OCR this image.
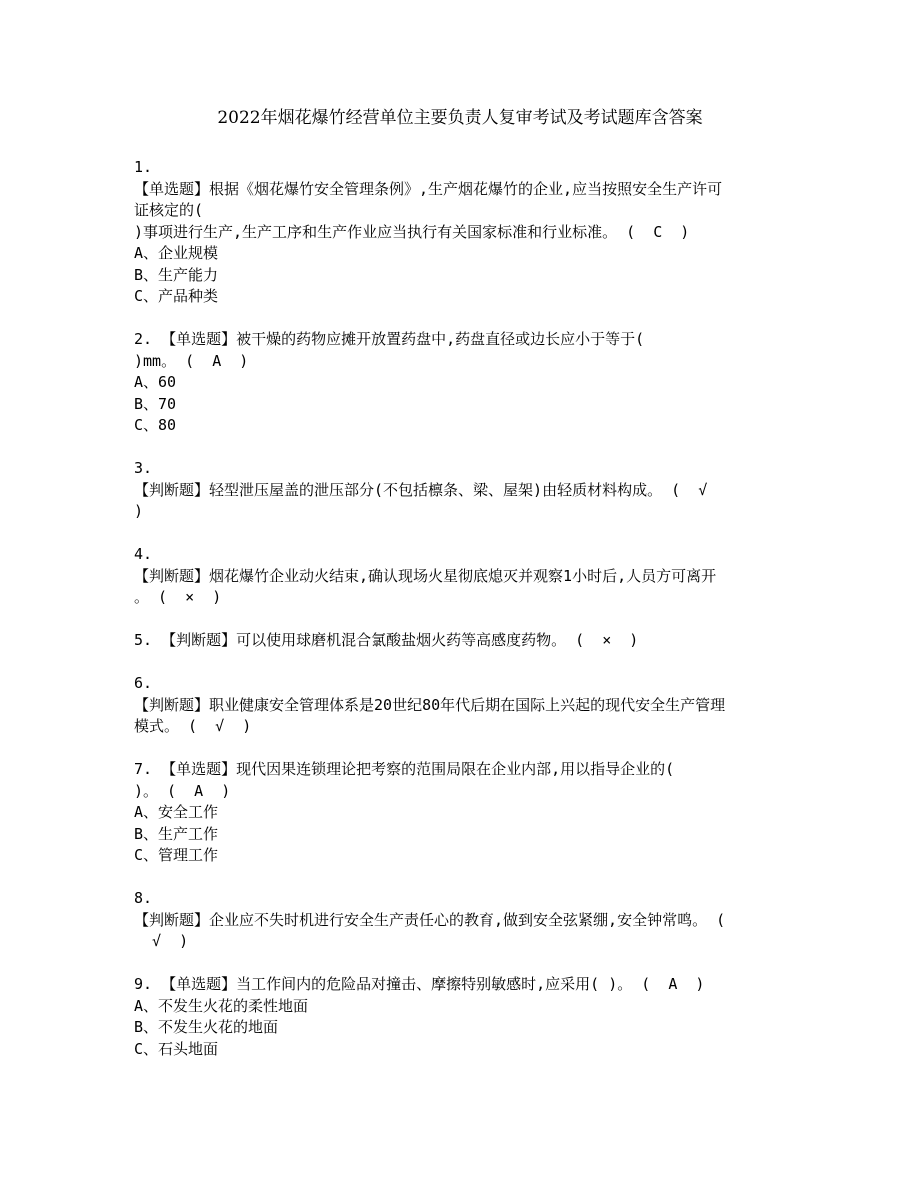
2022年烟花爆竹经营单位主要负责人复审考试及考试题库含答案
1.
【单选题】根据《烟花爆竹安全管理条例》,生产烟花爆竹的企业,应当按照安全生产许可
证核定的(
)事项进行生产,生产工序和生产作业应当执行有关国家标准和行业标准。 (  C  )
A、企业规模
B、生产能力
C、产品种类
2. 【单选题】被干燥的药物应摊开放置药盘中,药盘直径或边长应小于等于(
)mm。 (  A  )
A、60
B、70
C、80
3.
【判断题】轻型泄压屋盖的泄压部分(不包括檩条、梁、屋架)由轻质材料构成。 (  √
)
4.
【判断题】烟花爆竹企业动火结束,确认现场火星彻底熄灭并观察1小时后,人员方可离开
。 (  ×  )
5. 【判断题】可以使用球磨机混合氯酸盐烟火药等高感度药物。 (  ×  )
6.
【判断题】职业健康安全管理体系是20世纪80年代后期在国际上兴起的现代安全生产管理
模式。 (  √  )
7. 【单选题】现代因果连锁理论把考察的范围局限在企业内部,用以指导企业的(
)。 (  A  )
A、安全工作
B、生产工作
C、管理工作
8.
【判断题】企业应不失时机进行安全生产责任心的教育,做到安全弦紧绷,安全钟常鸣。 (
√  )
9. 【单选题】当工作间内的危险品对撞击、摩擦特别敏感时,应采用( )。 (  A  )
A、不发生火花的柔性地面
B、不发生火花的地面
C、石头地面
